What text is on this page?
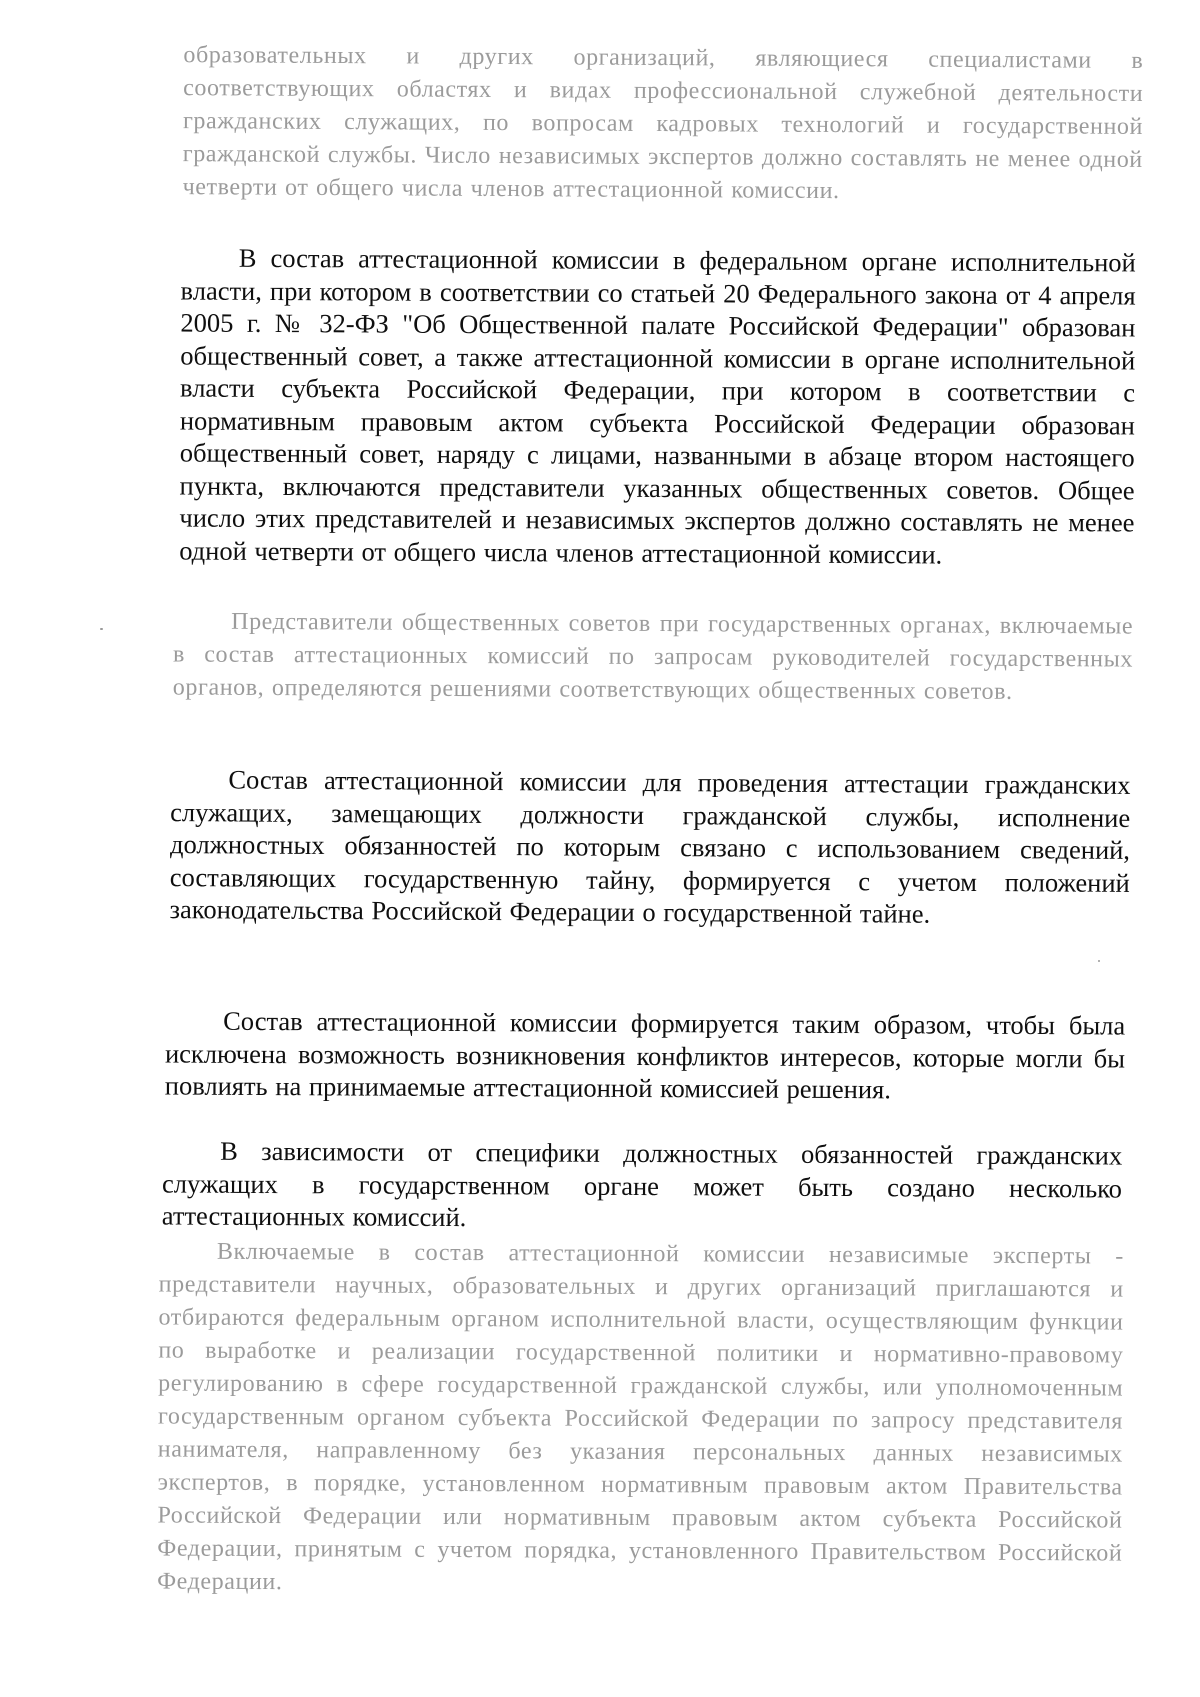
образовательных и других организаций, являющиеся специалистами в соответствующих областях и видах профессиональной служебной деятельности гражданских служащих, по вопросам кадровых технологий и государственной гражданской службы. Число независимых экспертов должно составлять не менее одной четверти от общего числа членов аттестационной комиссии.

В состав аттестационной комиссии в федеральном органе исполнительной власти, при котором в соответствии со статьей 20 Федерального закона от 4 апреля 2005 г. № 32-ФЗ "Об Общественной палате Российской Федерации" образован общественный совет, а также аттестационной комиссии в органе исполнительной власти субъекта Российской Федерации, при котором в соответствии с нормативным правовым актом субъекта Российской Федерации образован общественный совет, наряду с лицами, названными в абзаце втором настоящего пункта, включаются представители указанных общественных советов. Общее число этих представителей и независимых экспертов должно составлять не менее одной четверти от общего числа членов аттестационной комиссии.

Представители общественных советов при государственных органах, включаемые в состав аттестационных комиссий по запросам руководителей государственных органов, определяются решениями соответствующих общественных советов.

Состав аттестационной комиссии для проведения аттестации гражданских служащих, замещающих должности гражданской службы, исполнение должностных обязанностей по которым связано с использованием сведений, составляющих государственную тайну, формируется с учетом положений законодательства Российской Федерации о государственной тайне.

Состав аттестационной комиссии формируется таким образом, чтобы была исключена возможность возникновения конфликтов интересов, которые могли бы повлиять на принимаемые аттестационной комиссией решения.

В зависимости от специфики должностных обязанностей гражданских служащих в государственном органе может быть создано несколько аттестационных комиссий.

Включаемые в состав аттестационной комиссии независимые эксперты - представители научных, образовательных и других организаций приглашаются и отбираются федеральным органом исполнительной власти, осуществляющим функции по выработке и реализации государственной политики и нормативно-правовому регулированию в сфере государственной гражданской службы, или уполномоченным государственным органом субъекта Российской Федерации по запросу представителя нанимателя, направленному без указания персональных данных независимых экспертов, в порядке, установленном нормативным правовым актом Правительства Российской Федерации или нормативным правовым актом субъекта Российской Федерации, принятым с учетом порядка, установленного Правительством Российской Федерации.
